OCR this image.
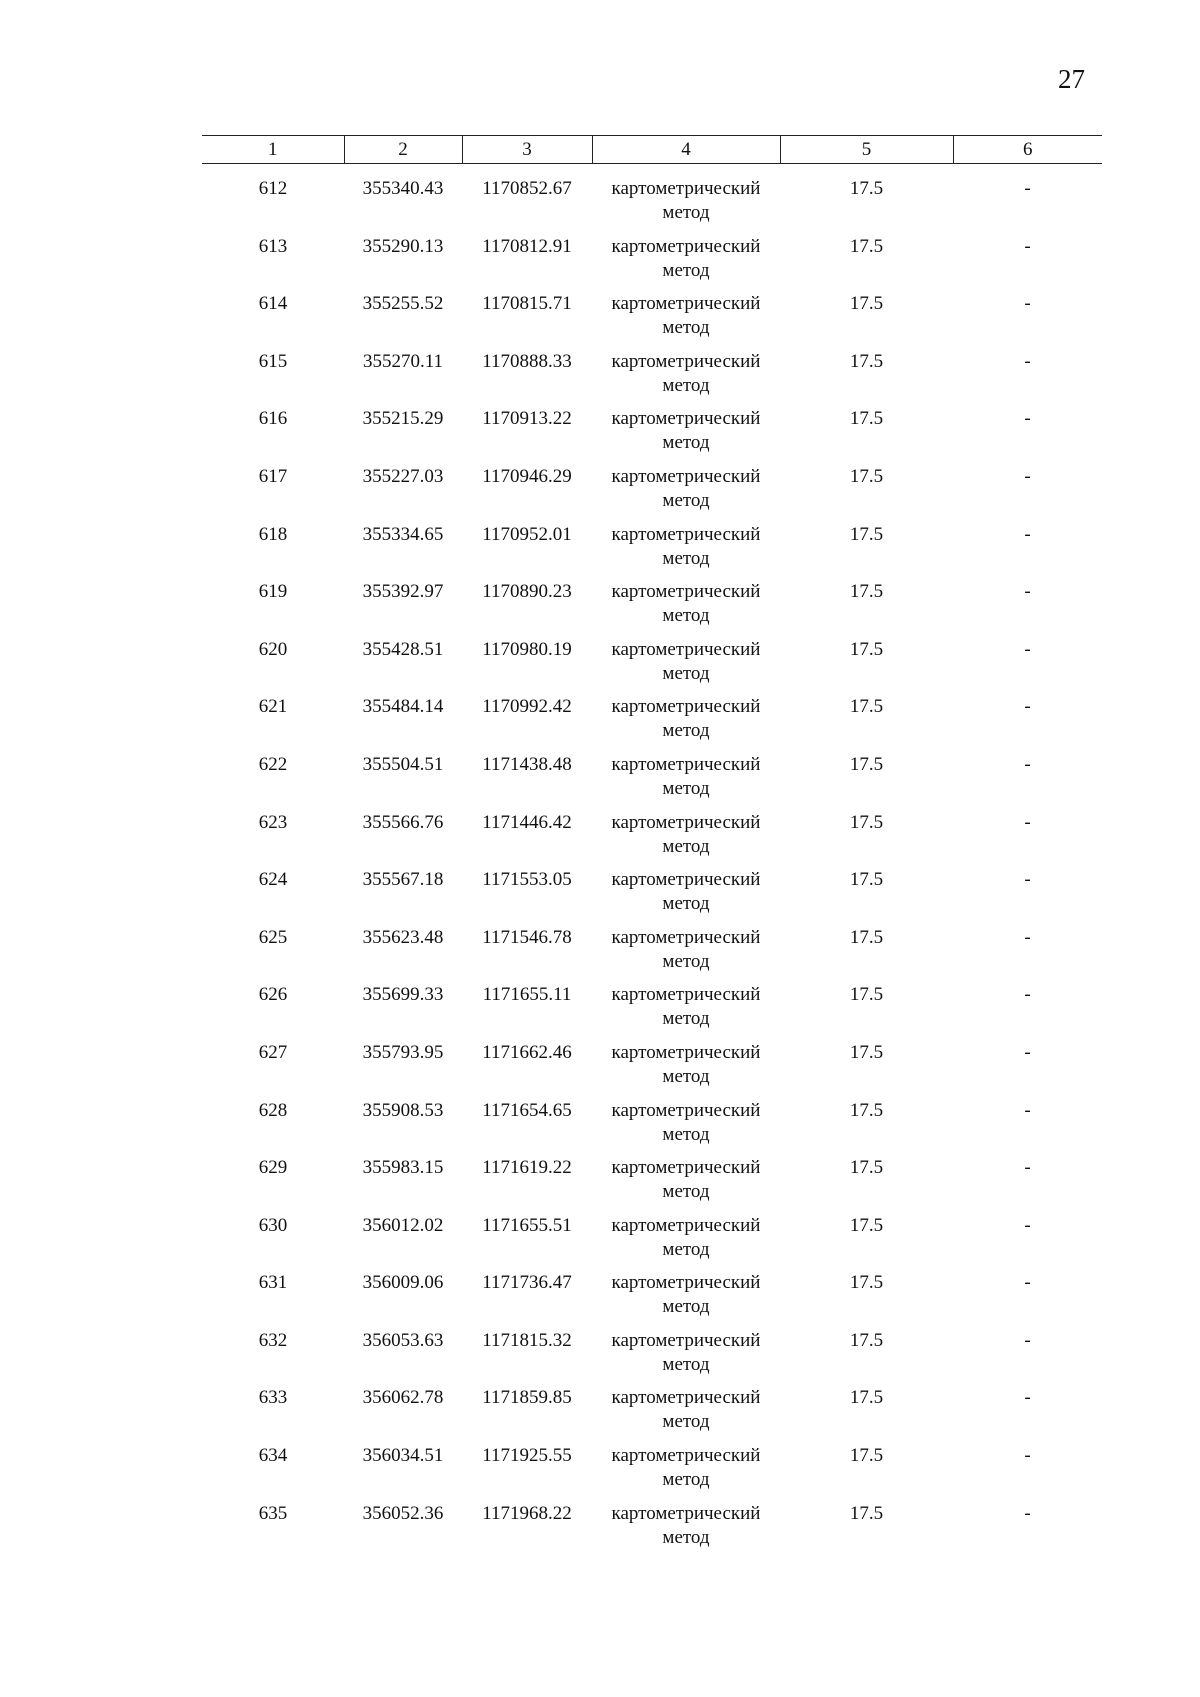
27
1	2	3	4	5	6

612	355340.43	1170852.67	картометрический метод	17.5	-
613	355290.13	1170812.91	картометрический метод	17.5	-
614	355255.52	1170815.71	картометрический метод	17.5	-
615	355270.11	1170888.33	картометрический метод	17.5	-
616	355215.29	1170913.22	картометрический метод	17.5	-
617	355227.03	1170946.29	картометрический метод	17.5	-
618	355334.65	1170952.01	картометрический метод	17.5	-
619	355392.97	1170890.23	картометрический метод	17.5	-
620	355428.51	1170980.19	картометрический метод	17.5	-
621	355484.14	1170992.42	картометрический метод	17.5	-
622	355504.51	1171438.48	картометрический метод	17.5	-
623	355566.76	1171446.42	картометрический метод	17.5	-
624	355567.18	1171553.05	картометрический метод	17.5	-
625	355623.48	1171546.78	картометрический метод	17.5	-
626	355699.33	1171655.11	картометрический метод	17.5	-
627	355793.95	1171662.46	картометрический метод	17.5	-
628	355908.53	1171654.65	картометрический метод	17.5	-
629	355983.15	1171619.22	картометрический метод	17.5	-
630	356012.02	1171655.51	картометрический метод	17.5	-
631	356009.06	1171736.47	картометрический метод	17.5	-
632	356053.63	1171815.32	картометрический метод	17.5	-
633	356062.78	1171859.85	картометрический метод	17.5	-
634	356034.51	1171925.55	картометрический метод	17.5	-
635	356052.36	1171968.22	картометрический метод	17.5	-
